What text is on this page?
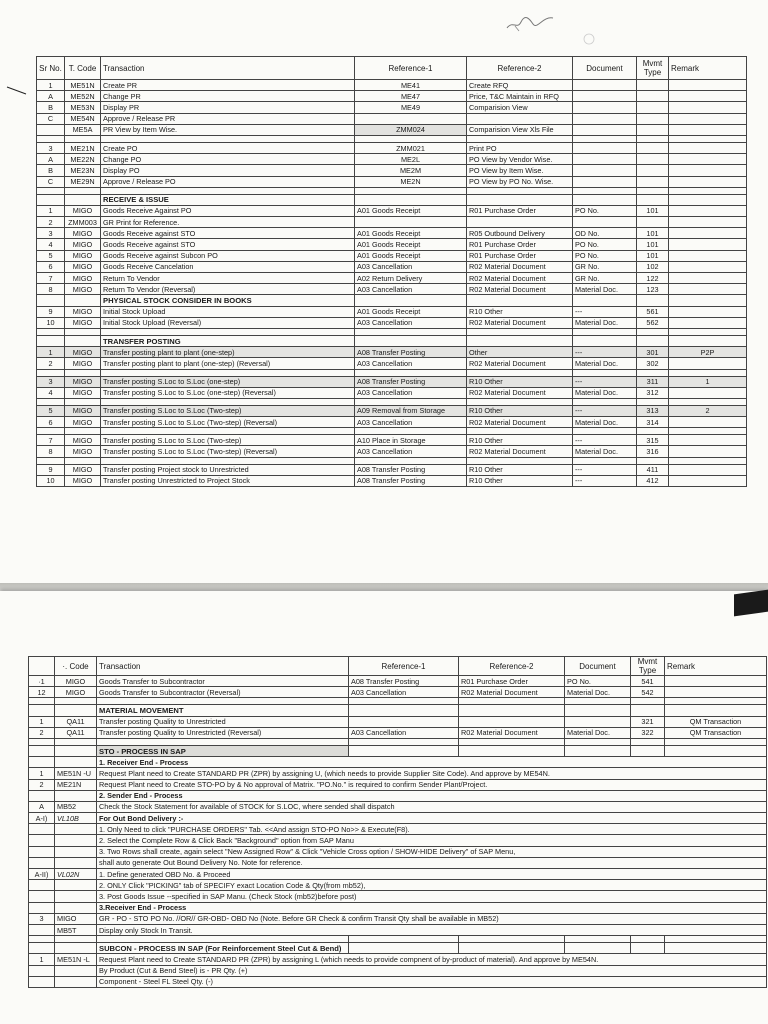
Sr No.	T. Code	Transaction	Reference-1	Reference-2	Document	Mvmt Type	Remark
1	ME51N	Create PR	ME41	Create RFQ			
A	ME52N	Change PR	ME47	Price, T&C Maintain in RFQ			
B	ME53N	Display PR	ME49	Comparision View			
C	ME54N	Approve / Release PR					
	ME5A	PR View by Item Wise.	ZMM024	Comparision View Xls File			

3	ME21N	Create PO	ZMM021	Print PO			
A	ME22N	Change PO	ME2L	PO View by Vendor Wise.			
B	ME23N	Display PO	ME2M	PO View by Item Wise.			
C	ME29N	Approve / Release PO	ME2N	PO View by PO No. Wise.			

		RECEIVE & ISSUE					
1	MIGO	Goods Receive Against PO	A01 Goods Receipt	R01 Purchase Order	PO No.	101	
2	ZMM003	GR Print for Reference.					
3	MIGO	Goods Receive against STO	A01 Goods Receipt	R05 Outbound Delivery	OD No.	101	
4	MIGO	Goods Receive against STO	A01 Goods Receipt	R01 Purchase Order	PO No.	101	
5	MIGO	Goods Receive against Subcon PO	A01 Goods Receipt	R01 Purchase Order	PO No.	101	
6	MIGO	Goods Receive Cancelation	A03 Cancellation	R02 Material Document	GR No.	102	
7	MIGO	Return To Vendor	A02 Return Delivery	R02 Material Document	GR No.	122	
8	MIGO	Return To Vendor (Reversal)	A03 Cancellation	R02 Material Document	Material Doc.	123	
		PHYSICAL STOCK CONSIDER IN BOOKS					
9	MIGO	Initial Stock Upload	A01 Goods Receipt	R10 Other	---	561	
10	MIGO	Initial Stock Upload (Reversal)	A03 Cancellation	R02 Material Document	Material Doc.	562	

		TRANSFER POSTING					
1	MIGO	Transfer posting plant to plant (one-step)	A08 Transfer Posting	Other	---	301	P2P
2	MIGO	Transfer posting plant to plant (one-step) (Reversal)	A03 Cancellation	R02 Material Document	Material Doc.	302	

3	MIGO	Transfer posting S.Loc to S.Loc (one-step)	A08 Transfer Posting	R10 Other	---	311	1
4	MIGO	Transfer posting S.Loc to S.Loc (one-step) (Reversal)	A03 Cancellation	R02 Material Document	Material Doc.	312	

5	MIGO	Transfer posting S.Loc to S.Loc (Two-step)	A09 Removal from Storage	R10 Other	---	313	2
6	MIGO	Transfer posting S.Loc to S.Loc (Two-step) (Reversal)	A03 Cancellation	R02 Material Document	Material Doc.	314	

7	MIGO	Transfer posting S.Loc to S.Loc (Two-step)	A10 Place in Storage	R10 Other	---	315	
8	MIGO	Transfer posting S.Loc to S.Loc (Two-step) (Reversal)	A03 Cancellation	R02 Material Document	Material Doc.	316	

9	MIGO	Transfer posting Project stock to Unrestricted	A08 Transfer Posting	R10 Other	---	411	
10	MIGO	Transfer posting Unrestricted to Project Stock	A08 Transfer Posting	R10 Other	---	412	
	·. Code	Transaction	Reference-1	Reference-2	Document	Mvmt Type	Remark
·1	MIGO	Goods Transfer to Subcontractor	A08 Transfer Posting	R01 Purchase Order	PO No.	541	
12	MIGO	Goods Transfer to Subcontractor (Reversal)	A03 Cancellation	R02 Material Document	Material Doc.	542	

		MATERIAL MOVEMENT					
1	QA11	Transfer posting Quality to Unrestricted				321	QM Transaction
2	QA11	Transfer posting Quality to Unrestricted (Reversal)	A03 Cancellation	R02 Material Document	Material Doc.	322	QM Transaction

		STO - PROCESS IN SAP					
		1. Receiver End - Process					
1	ME51N -U	Request Plant need to Create STANDARD PR (ZPR) by assigning U, (which needs to provide Supplier Site Code). And approve by ME54N.					
2	ME21N	Request Plant need to Create STO-PO by & No approval of Matrix. "PO.No." is required to confirm Sender Plant/Project.					
		2. Sender End - Process					
A	MB52	Check the Stock Statement for available of STOCK for S.LOC, where sended shall dispatch					
A-I)	VL10B	For Out Bond Delivery :-					
		1. Only Need to click "PURCHASE ORDERS" Tab. <<And assign STO-PO No>> & Execute(F8).					
		2. Select the Complete Row & Click Back "Background" option from SAP Manu					
		3. Two Rows shall create, again select "New Assigned Row" & Click "Vehicle Cross option / SHOW-HIDE Delivery" of SAP Menu,					
		shall auto generate Out Bound Delivery No. Note for reference.					
A-II)	VL02N	1. Define generated OBD No. & Proceed					
		2. ONLY Click "PICKING" tab of SPECIFY exact Location Code & Qty(from mb52),					
		3. Post Goods Issue --specified in SAP Manu. (Check Stock (mb52)before post)					
		3.Receiver End - Process					
3	MIGO	GR - PO - STO PO No. //OR// GR-OBD- OBD No (Note. Before GR Check & confirm Transit Qty shall be available in MB52)					
	MB5T	Display only Stock In Transit.					

		SUBCON - PROCESS IN SAP (For Reinforcement Steel Cut & Bend)					
1	ME51N -L	Request Plant need to Create STANDARD PR (ZPR) by assigning L (which needs to provide compnent of by-product of material). And approve by ME54N.					
		By Product (Cut & Bend Steel) is - PR Qty. (+)					
		Component - Steel FL Steel Qty. (-)					
